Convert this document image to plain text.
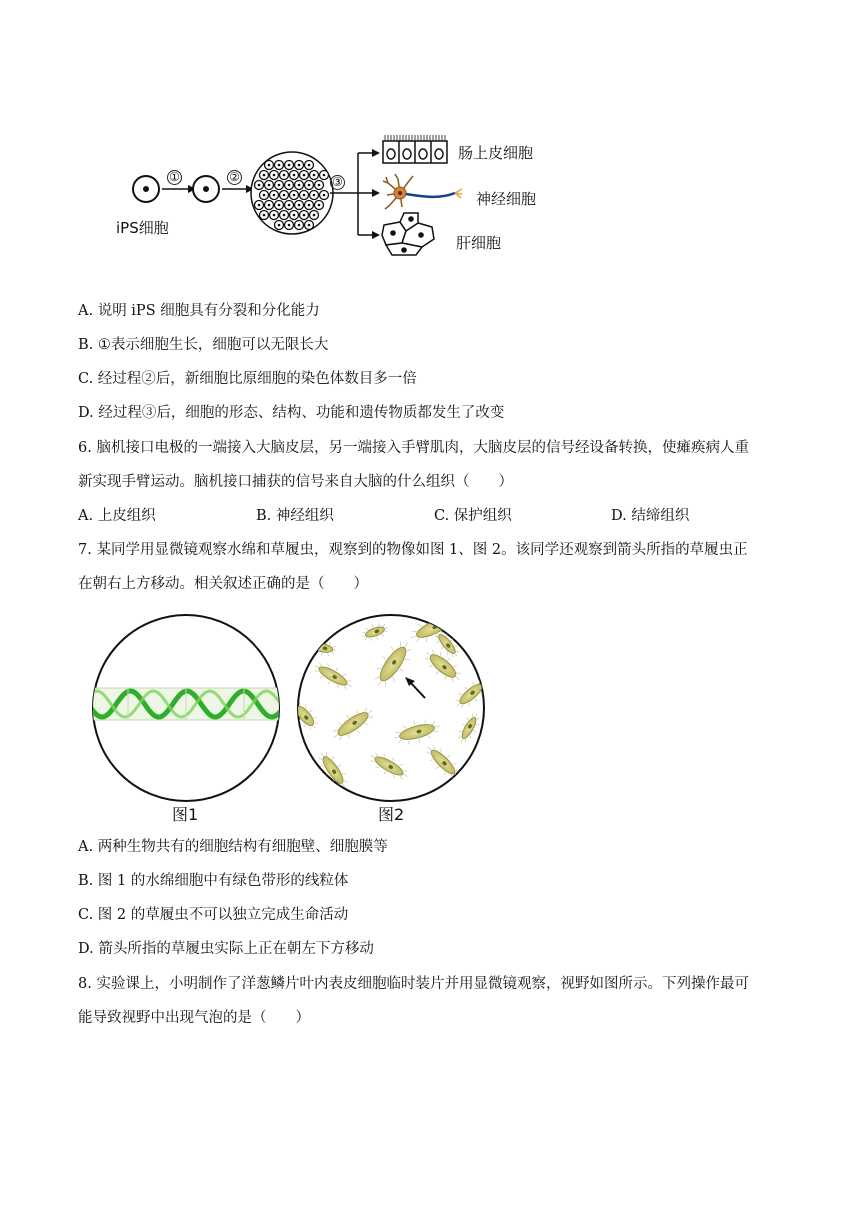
①	②	③
iPS细胞
肠上皮细胞
神经细胞
肝细胞
A. 说明 iPS 细胞具有分裂和分化能力
B. ①表示细胞生长，细胞可以无限长大
C. 经过程②后，新细胞比原细胞的染色体数目多一倍
D. 经过程③后，细胞的形态、结构、功能和遗传物质都发生了改变
6. 脑机接口电极的一端接入大脑皮层，另一端接入手臂肌肉，大脑皮层的信号经设备转换，使瘫痪病人重
新实现手臂运动。脑机接口捕获的信号来自大脑的什么组织（　　）
A. 上皮组织	B. 神经组织	C. 保护组织	D. 结缔组织
7. 某同学用显微镜观察水绵和草履虫，观察到的物像如图 1、图 2。该同学还观察到箭头所指的草履虫正
在朝右上方移动。相关叙述正确的是（　　）
图1	图2
A. 两种生物共有的细胞结构有细胞壁、细胞膜等
B. 图 1 的水绵细胞中有绿色带形的线粒体
C. 图 2 的草履虫不可以独立完成生命活动
D. 箭头所指的草履虫实际上正在朝左下方移动
8. 实验课上，小明制作了洋葱鳞片叶内表皮细胞临时装片并用显微镜观察，视野如图所示。下列操作最可
能导致视野中出现气泡的是（　　）
